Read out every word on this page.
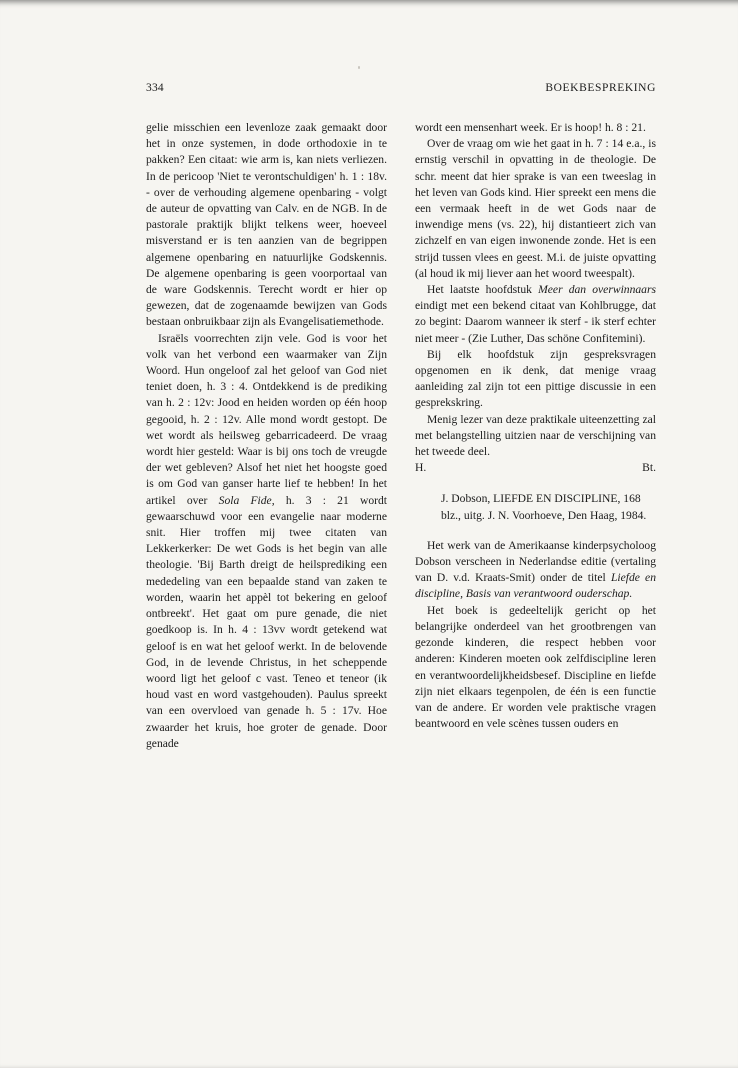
334	BOEKBESPREKING

gelie misschien een levenloze zaak gemaakt door het in onze systemen, in dode orthodoxie in te pakken? Een citaat: wie arm is, kan niets verliezen. In de pericoop 'Niet te verontschuldigen' h. 1 : 18v. - over de verhouding algemene openbaring - volgt de auteur de opvatting van Calv. en de NGB. In de pastorale praktijk blijkt telkens weer, hoeveel misverstand er is ten aanzien van de begrippen algemene openbaring en natuurlijke Godskennis. De algemene openbaring is geen voorportaal van de ware Godskennis. Terecht wordt er hier op gewezen, dat de zogenaamde bewijzen van Gods bestaan onbruikbaar zijn als Evangelisatiemethode.

Israëls voorrechten zijn vele. God is voor het volk van het verbond een waarmaker van Zijn Woord. Hun ongeloof zal het geloof van God niet teniet doen, h. 3 : 4. Ontdekkend is de prediking van h. 2 : 12v: Jood en heiden worden op één hoop gegooid, h. 2 : 12v. Alle mond wordt gestopt. De wet wordt als heilsweg gebarricadeerd. De vraag wordt hier gesteld: Waar is bij ons toch de vreugde der wet gebleven? Alsof het niet het hoogste goed is om God van ganser harte lief te hebben! In het artikel over Sola Fide, h. 3 : 21 wordt gewaarschuwd voor een evangelie naar moderne snit. Hier troffen mij twee citaten van Lekkerkerker: De wet Gods is het begin van alle theologie. 'Bij Barth dreigt de heilsprediking een mededeling van een bepaalde stand van zaken te worden, waarin het appèl tot bekering en geloof ontbreekt'. Het gaat om pure genade, die niet goedkoop is. In h. 4 : 13vv wordt getekend wat geloof is en wat het geloof werkt. In de belovende God, in de levende Christus, in het scheppende woord ligt het geloof c vast. Teneo et teneor (ik houd vast en word vastgehouden). Paulus spreekt van een overvloed van genade h. 5 : 17v. Hoe zwaarder het kruis, hoe groter de genade. Door genade

wordt een mensenhart week. Er is hoop! h. 8 : 21.

Over de vraag om wie het gaat in h. 7 : 14 e.a., is ernstig verschil in opvatting in de theologie. De schr. meent dat hier sprake is van een tweeslag in het leven van Gods kind. Hier spreekt een mens die een vermaak heeft in de wet Gods naar de inwendige mens (vs. 22), hij distantieert zich van zichzelf en van eigen inwonende zonde. Het is een strijd tussen vlees en geest. M.i. de juiste opvatting (al houd ik mij liever aan het woord tweespalt).

Het laatste hoofdstuk Meer dan overwinnaars eindigt met een bekend citaat van Kohlbrugge, dat zo begint: Daarom wanneer ik sterf - ik sterf echter niet meer - (Zie Luther, Das schöne Confitemini).

Bij elk hoofdstuk zijn gespreksvragen opgenomen en ik denk, dat menige vraag aanleiding zal zijn tot een pittige discussie in een gesprekskring.

Menig lezer van deze praktikale uiteenzetting zal met belangstelling uitzien naar de verschijning van het tweede deel.

H.	Bt.

J. Dobson, LIEFDE EN DISCIPLINE, 168 blz., uitg. J. N. Voorhoeve, Den Haag, 1984.

Het werk van de Amerikaanse kinderpsycholoog Dobson verscheen in Nederlandse editie (vertaling van D. v.d. Kraats-Smit) onder de titel Liefde en discipline, Basis van verantwoord ouderschap.

Het boek is gedeeltelijk gericht op het belangrijke onderdeel van het grootbrengen van gezonde kinderen, die respect hebben voor anderen: Kinderen moeten ook zelfdiscipline leren en verantwoordelijkheidsbesef. Discipline en liefde zijn niet elkaars tegenpolen, de één is een functie van de andere. Er worden vele praktische vragen beantwoord en vele scènes tussen ouders en
